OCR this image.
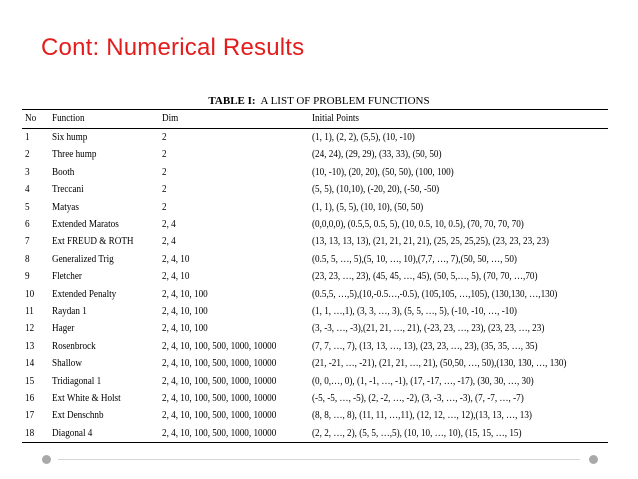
Cont: Numerical Results
TABLE I: A LIST OF PROBLEM FUNCTIONS
No Function	Dim	Initial Points
1 Six hump	2	(1, 1), (2, 2), (5,5), (10, -10)
2 Three hump	2	(24, 24), (29, 29), (33, 33), (50, 50)
3 Booth	2	(10, -10), (20, 20), (50, 50), (100, 100)
4 Treccani	2	(5, 5), (10,10), (-20, 20), (-50, -50)
5 Matyas	2	(1, 1), (5, 5), (10, 10), (50, 50)
6 Extended Maratos	2, 4	(0,0,0,0), (0.5,5, 0.5, 5), (10, 0.5, 10, 0.5), (70, 70, 70, 70)
7 Ext FREUD & ROTH	2, 4	(13, 13, 13, 13), (21, 21, 21, 21), (25, 25, 25,25), (23, 23, 23, 23)
8 Generalized Trig	2, 4, 10	(0.5, 5, …, 5),(5, 10, …, 10),(7,7, …, 7),(50, 50, …, 50)
9 Fletcher	2, 4, 10	(23, 23, …, 23), (45, 45, …, 45), (50, 5,…, 5), (70, 70, …,70)
10 Extended Penalty	2, 4, 10, 100	(0.5,5, …,5),(10,-0.5…,-0.5), (105,105, …,105), (130,130, …,130)
11 Raydan 1	2, 4, 10, 100	(1, 1, …,1), (3, 3, …, 3), (5, 5, …, 5), (-10, -10, …, -10)
12 Hager	2, 4, 10, 100	(3, -3, …, -3),(21, 21, …, 21), (-23, 23, …, 23), (23, 23, …, 23)
13 Rosenbrock	2, 4, 10, 100, 500, 1000, 10000	(7, 7, …, 7), (13, 13, …, 13), (23, 23, …, 23), (35, 35, …, 35)
14 Shallow	2, 4, 10, 100, 500, 1000, 10000	(21, -21, …, -21), (21, 21, …, 21), (50,50, …, 50),(130, 130, …, 130)
15 Tridiagonal 1	2, 4, 10, 100, 500, 1000, 10000	(0, 0,…, 0), (1, -1, …, -1), (17, -17, …, -17), (30, 30, …, 30)
16 Ext White & Holst	2, 4, 10, 100, 500, 1000, 10000	(-5, -5, …, -5), (2, -2, …, -2), (3, -3, …, -3), (7, -7, …, -7)
17 Ext Denschnb	2, 4, 10, 100, 500, 1000, 10000	(8, 8, …, 8), (11, 11, …,11), (12, 12, …, 12),(13, 13, …, 13)
18 Diagonal 4	2, 4, 10, 100, 500, 1000, 10000	(2, 2, …, 2), (5, 5, …,5), (10, 10, …, 10), (15, 15, …, 15)
